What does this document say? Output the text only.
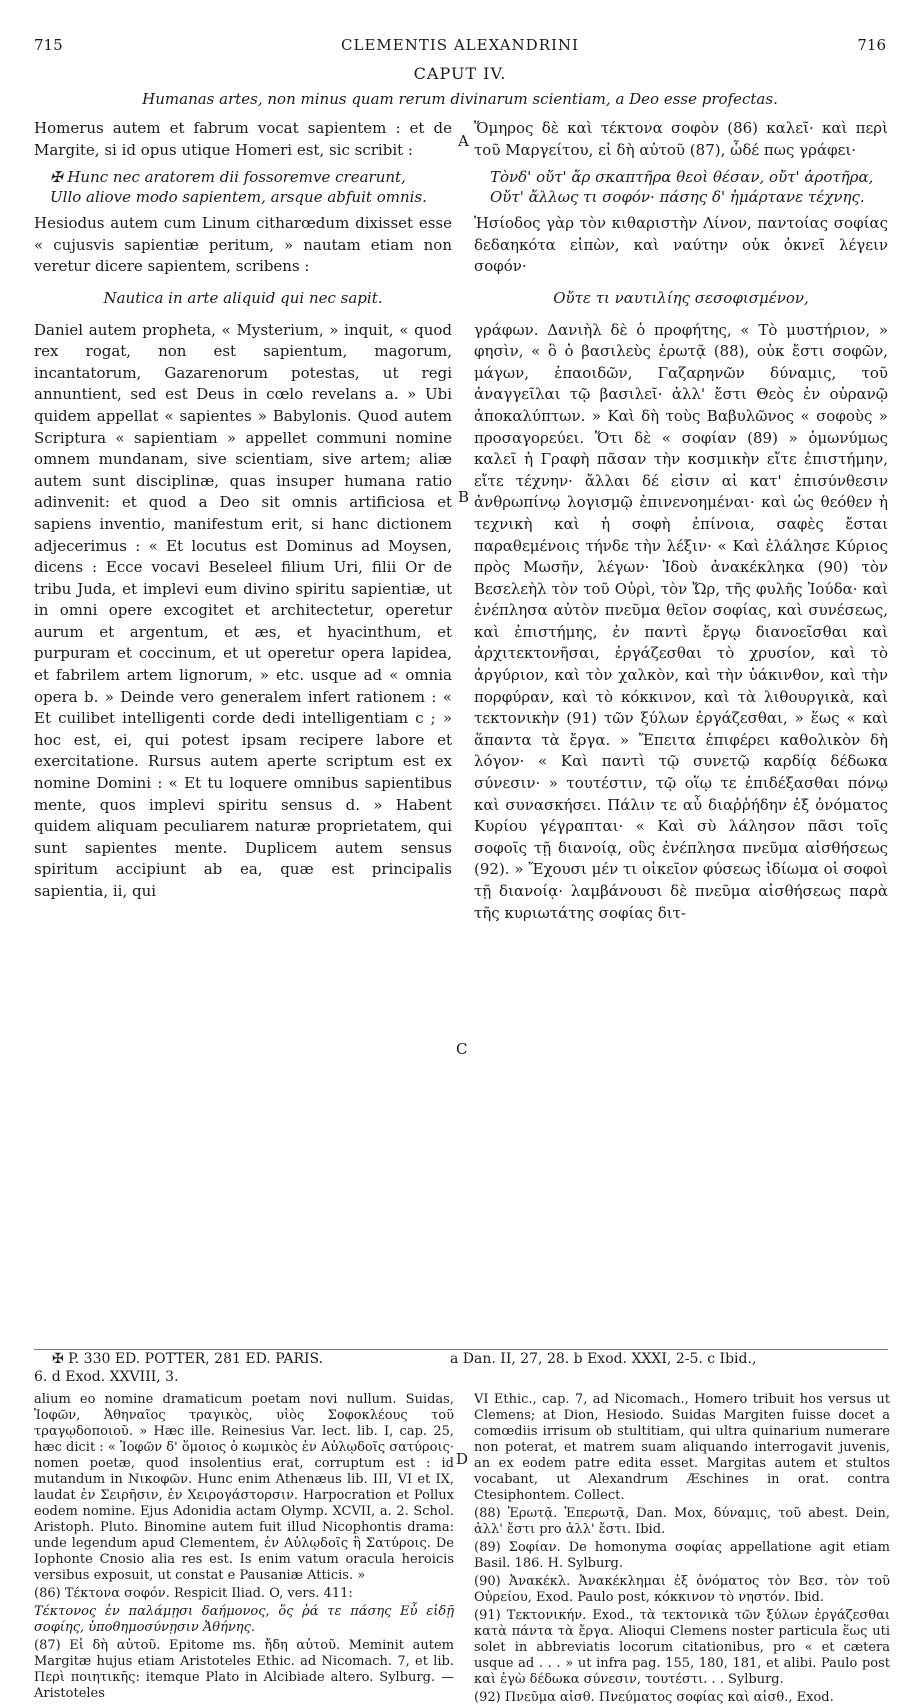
715	CLEMENTIS ALEXANDRINI	716
CAPUT IV.
Humanas artes, non minus quam rerum divinarum scientiam, a Deo esse profectas.

Homerus autem et fabrum vocat sapientem : et de Margite, si id opus utique Homeri est, sic scribit :

✠ Hunc nec aratorem dii fossoremve crearunt,
Ullo aliove modo sapientem, arsque abfuit omnis.

Hesiodus autem cum Linum citharœdum dixisset esse « cujusvis sapientiæ peritum, » nautam etiam non veretur dicere sapientem, scribens :

Nautica in arte aliquid qui nec sapit.

Daniel autem propheta, « Mysterium, » inquit, « quod rex rogat, non est sapientum, magorum, incantatorum, Gazarenorum potestas, ut regi annuntient, sed est Deus in cœlo revelans a. » Ubi quidem appellat « sapientes » Babylonis. Quod autem Scriptura « sapientiam » appellet communi nomine omnem mundanam, sive scientiam, sive artem; aliæ autem sunt disciplinæ, quas insuper humana ratio adinvenit: et quod a Deo sit omnis artificiosa et sapiens inventio, manifestum erit, si hanc dictionem adjecerimus : « Et locutus est Dominus ad Moysen, dicens : Ecce vocavi Beseleel filium Uri, filii Or de tribu Juda, et implevi eum divino spiritu sapientiæ, ut in omni opere excogitet et architectetur, operetur aurum et argentum, et æs, et hyacinthum, et purpuram et coccinum, et ut operetur opera lapidea, et fabrilem artem lignorum, » etc. usque ad « omnia opera b. » Deinde vero generalem infert rationem : « Et cuilibet intelligenti corde dedi intelligentiam c ; » hoc est, ei, qui potest ipsam recipere labore et exercitatione. Rursus autem aperte scriptum est ex nomine Domini : « Et tu loquere omnibus sapientibus mente, quos implevi spiritu sensus d. » Habent quidem aliquam peculiarem naturæ proprietatem, qui sunt sapientes mente. Duplicem autem sensus spiritum accipiunt ab ea, quæ est principalis sapientia, ii, qui

A
B
C
D

Ὅμηρος δὲ καὶ τέκτονα σοφὸν (86) καλεῖ· καὶ περὶ τοῦ Μαργείτου, εἰ δὴ αὐτοῦ (87), ὧδέ πως γράφει·

Τὸνδ' οὔτ' ἄρ σκαπτῆρα θεοὶ θέσαν, οὔτ' ἀροτῆρα,
Οὔτ' ἄλλως τι σοφόν· πάσης δ' ἡμάρτανε τέχνης.

Ἡσίοδος γὰρ τὸν κιθαριστὴν Λίνον, παντοίας σοφίας δεδαηκότα εἰπὼν, καὶ ναύτην οὐκ ὀκνεῖ λέγειν σοφόν·

Οὔτε τι ναυτιλίης σεσοφισμένον,

γράφων. Δανιὴλ δὲ ὁ προφήτης, « Τὸ μυστήριον, » φησὶν, « ὃ ὁ βασιλεὺς ἐρωτᾷ (88), οὐκ ἔστι σοφῶν, μάγων, ἐπαοιδῶν, Γαζαρηνῶν δύναμις, τοῦ ἀναγγεῖλαι τῷ βασιλεῖ· ἀλλ' ἔστι Θεὸς ἐν οὐρανῷ ἀποκαλύπτων. » Καὶ δὴ τοὺς Βαβυλῶνος « σοφοὺς » προσαγορεύει. Ὅτι δὲ « σοφίαν (89) » ὁμωνύμως καλεῖ ἡ Γραφὴ πᾶσαν τὴν κοσμικὴν εἴτε ἐπιστήμην, εἴτε τέχνην· ἄλλαι δέ εἰσιν αἱ κατ' ἐπισύνθεσιν ἀνθρωπίνῳ λογισμῷ ἐπινενοημέναι· καὶ ὡς θεόθεν ἡ τεχνικὴ καὶ ἡ σοφὴ ἐπίνοια, σαφὲς ἔσται παραθεμένοις τήνδε τὴν λέξιν· « Καὶ ἐλάλησε Κύριος πρὸς Μωσῆν, λέγων· Ἰδοὺ ἀνακέκληκα (90) τὸν Βεσελεὴλ τὸν τοῦ Οὐρὶ, τὸν Ὤρ, τῆς φυλῆς Ἰούδα· καὶ ἐνέπλησα αὐτὸν πνεῦμα θεῖον σοφίας, καὶ συνέσεως, καὶ ἐπιστήμης, ἐν παντὶ ἔργῳ διανοεῖσθαι καὶ ἀρχιτεκτονῆσαι, ἐργάζεσθαι τὸ χρυσίον, καὶ τὸ ἀργύριον, καὶ τὸν χαλκὸν, καὶ τὴν ὑάκινθον, καὶ τὴν πορφύραν, καὶ τὸ κόκκινον, καὶ τὰ λιθουργικὰ, καὶ τεκτονικὴν (91) τῶν ξύλων ἐργάζεσθαι, » ἕως « καὶ ἅπαντα τὰ ἔργα. » Ἔπειτα ἐπιφέρει καθολικὸν δὴ λόγον· « Καὶ παντὶ τῷ συνετῷ καρδίᾳ δέδωκα σύνεσιν· » τουτέστιν, τῷ οἵῳ τε ἐπιδέξασθαι πόνῳ καὶ συνασκήσει. Πάλιν τε αὖ διαῤῥήδην ἐξ ὀνόματος Κυρίου γέγραπται· « Καὶ σὺ λάλησον πᾶσι τοῖς σοφοῖς τῇ διανοίᾳ, οὓς ἐνέπλησα πνεῦμα αἰσθήσεως (92). » Ἔχουσι μέν τι οἰκεῖον φύσεως ἰδίωμα οἱ σοφοὶ τῇ διανοίᾳ· λαμβάνουσι δὲ πνεῦμα αἰσθήσεως παρὰ τῆς κυριωτάτης σοφίας διτ-

✠ P. 330 ED. POTTER, 281 ED. PARIS.	a Dan. II, 27, 28. b Exod. XXXI, 2-5. c Ibid.,
6. d Exod. XXVIII, 3.

alium eo nomine dramaticum poetam novi nullum. Suidas, Ἰοφῶν, Ἀθηναῖος τραγικὸς, υἱὸς Σοφοκλέους τοῦ τραγῳδοποιοῦ. » Hæc ille. Reinesius Var. lect. lib. I, cap. 25, hæc dicit : « Ἰοφῶν δ' ὅμοιος ὁ κωμικὸς ἐν Αὐλῳδοῖς σατύροις· nomen poetæ, quod insolentius erat, corruptum est : id mutandum in Νικοφῶν. Hunc enim Athenæus lib. III, VI et IX, laudat ἐν Σειρῆσιν, ἐν Χειρογάστορσιν. Harpocration et Pollux eodem nomine. Ejus Adonidia actam Olymp. XCVII, a. 2. Schol. Aristoph. Pluto. Binomine autem fuit illud Nicophontis drama: unde legendum apud Clementem, ἐν Αὐλῳδοῖς ἢ Σατύροις. De Iophonte Cnosio alia res est. Is enim vatum oracula heroicis versibus exposuit, ut constat e Pausaniæ Atticis. »

(86) Τέκτονα σοφόν. Respicit Iliad. O, vers. 411:

Τέκτονος ἐν παλάμῃσι δαήμονος, ὅς ῥά τε πάσης Εὖ εἰδῇ σοφίης, ὑποθημοσύνῃσιν Ἀθήνης.

(87) Εἰ δὴ αὐτοῦ. Epitome ms. ἤδη αὐτοῦ. Meminit autem Margitæ hujus etiam Aristoteles Ethic. ad Nicomach. 7, et lib. Περὶ ποιητικῆς: itemque Plato in Alcibiade altero. Sylburg. — Aristoteles

VI Ethic., cap. 7, ad Nicomach., Homero tribuit hos versus ut Clemens; at Dion, Hesiodo. Suidas Margiten fuisse docet a comœdiis irrisum ob stultitiam, qui ultra quinarium numerare non poterat, et matrem suam aliquando interrogavit juvenis, an ex eodem patre edita esset. Margitas autem et stultos vocabant, ut Alexandrum Æschines in orat. contra Ctesiphontem. Collect.

(88) Ἐρωτᾷ. Ἐπερωτᾷ, Dan. Mox, δύναμις, τοῦ abest. Dein, ἀλλ' ἔστι pro ἀλλ' ἔστι. Ibid.

(89) Σοφίαν. De homonyma σοφίας appellatione agit etiam Basil. 186. H. Sylburg.

(90) Ἀνακέκλ. Ἀνακέκλημαι ἐξ ὀνόματος τὸν Βεσ. τὸν τοῦ Οὐρείου, Exod. Paulo post, κόκκινον τὸ νηστόν. Ibid.

(91) Τεκτονικήν. Exod., τὰ τεκτονικὰ τῶν ξύλων ἐργάζεσθαι κατὰ πάντα τὰ ἔργα. Alioqui Clemens noster particula ἕως uti solet in abbreviatis locorum citationibus, pro « et cætera usque ad . . . » ut infra pag. 155, 180, 181, et alibi. Paulo post καὶ ἐγὼ δέδωκα σύνεσιν, τουτέστι. . . Sylburg.

(92) Πνεῦμα αἰσθ. Πνεύματος σοφίας καὶ αἰσθ., Exod.
